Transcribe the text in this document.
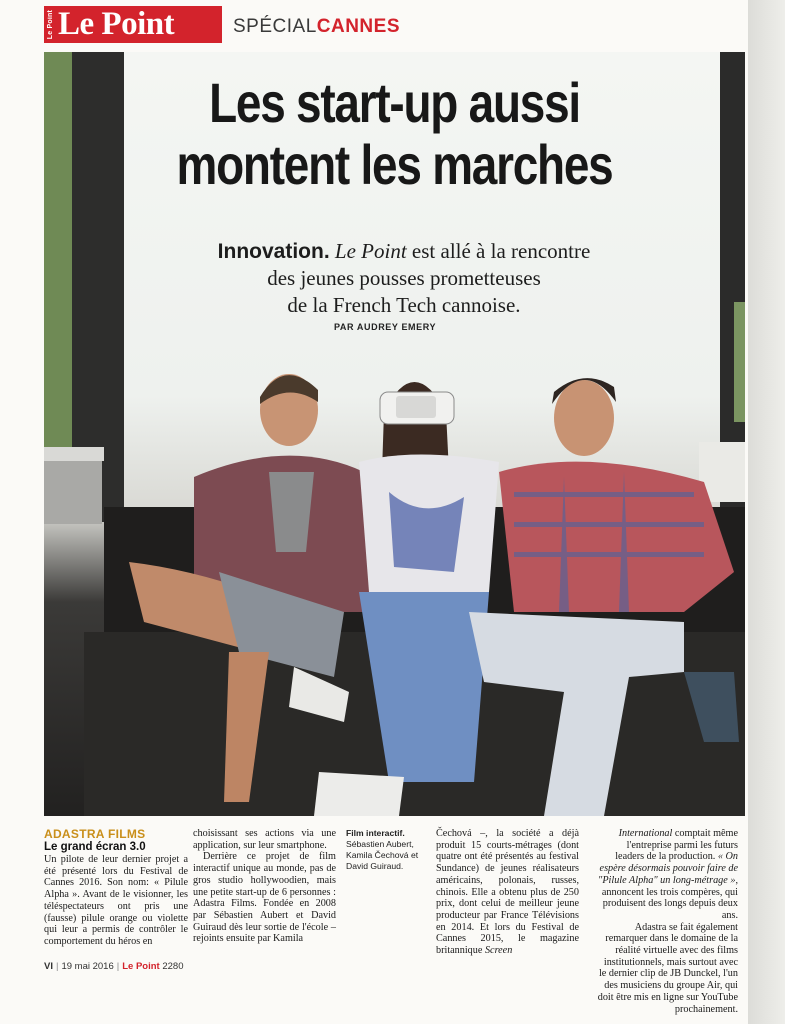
Le Point Le Point	SPÉCIALCANNES
Les start-up aussi
montent les marches
Innovation. Le Point est allé à la rencontre
des jeunes pousses prometteuses
de la French Tech cannoise.
PAR AUDREY EMERY
ADASTRA FILMS
Le grand écran 3.0

Un pilote de leur dernier projet a été présenté lors du Festival de Cannes 2016. Son nom: « Pilule Alpha ». Avant de le visionner, les téléspectateurs ont pris une (fausse) pilule orange ou violette qui leur a permis de contrôler le comportement du héros en

choisissant ses actions via une application, sur leur smartphone.

Derrière ce projet de film interactif unique au monde, pas de gros studio hollywoodien, mais une petite start-up de 6 personnes : Adastra Films. Fondée en 2008 par Sébastien Aubert et David Guiraud dès leur sortie de l'école – rejoints ensuite par Kamila

Film interactif.
Sébastien Aubert, Kamila Čechová et David Guiraud.

Čechová –, la société a déjà produit 15 courts-métrages (dont quatre ont été présentés au festival Sundance) de jeunes réalisateurs américains, polonais, russes, chinois. Elle a obtenu plus de 250 prix, dont celui de meilleur jeune producteur par France Télévisions en 2014. Et lors du Festival de Cannes 2015, le magazine britannique Screen

International comptait même l'entreprise parmi les futurs leaders de la production. « On espère désormais pouvoir faire de "Pilule Alpha" un long-métrage », annoncent les trois compères, qui produisent des longs depuis deux ans.

Adastra se fait également remarquer dans le domaine de la réalité virtuelle avec des films institutionnels, mais surtout avec le dernier clip de JB Dunckel, l'un des musiciens du groupe Air, qui doit être mis en ligne sur YouTube prochainement.

VI | 19 mai 2016 | Le Point 2280
